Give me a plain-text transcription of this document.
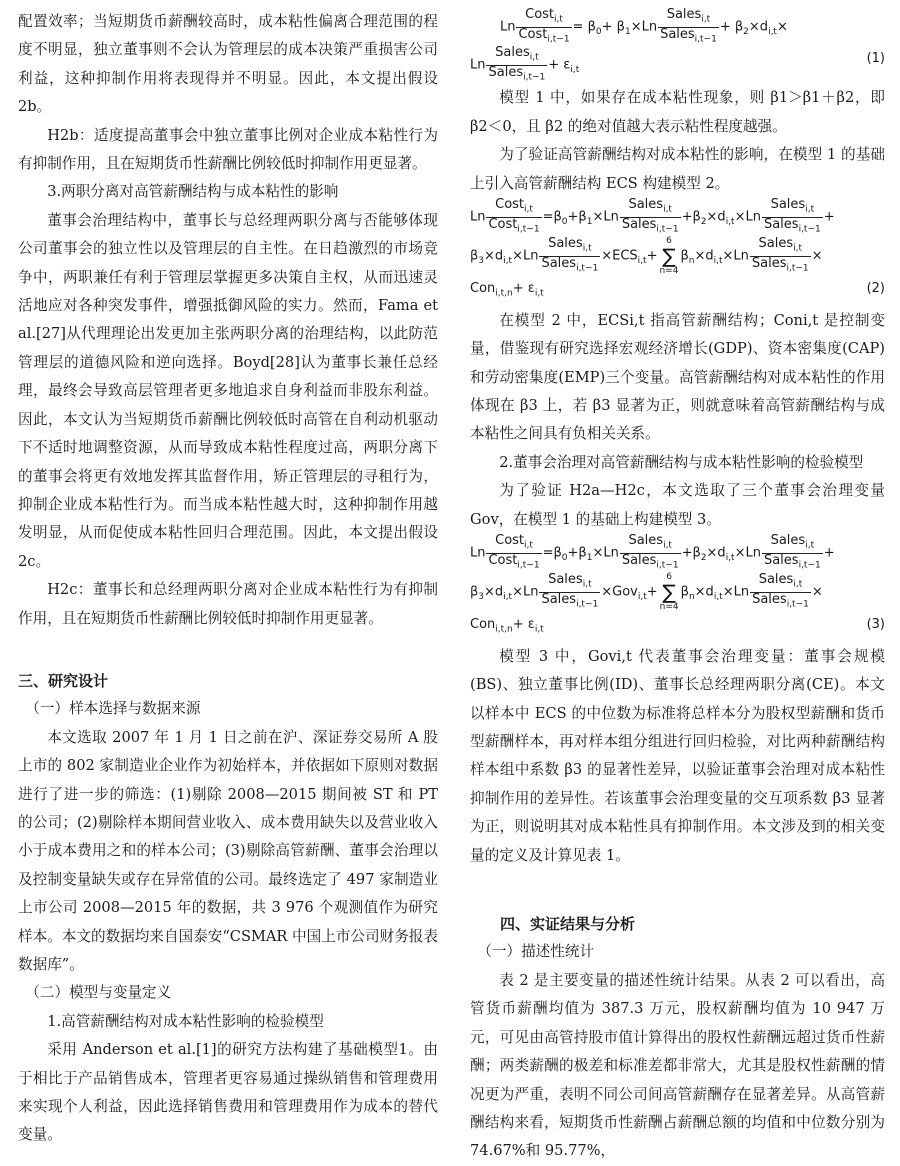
配置效率；当短期货币薪酬较高时，成本粘性偏离合理范围的程度不明显，独立董事则不会认为管理层的成本决策严重损害公司利益，这种抑制作用将表现得并不明显。因此，本文提出假设 2b。

H2b：适度提高董事会中独立董事比例对企业成本粘性行为有抑制作用，且在短期货币性薪酬比例较低时抑制作用更显著。

3.两职分离对高管薪酬结构与成本粘性的影响

董事会治理结构中，董事长与总经理两职分离与否能够体现公司董事会的独立性以及管理层的自主性。在日趋激烈的市场竞争中，两职兼任有利于管理层掌握更多决策自主权，从而迅速灵活地应对各种突发事件，增强抵御风险的实力。然而，Fama et al.[27]从代理理论出发更加主张两职分离的治理结构，以此防范管理层的道德风险和逆向选择。Boyd[28]认为董事长兼任总经理，最终会导致高层管理者更多地追求自身利益而非股东利益。因此，本文认为当短期货币薪酬比例较低时高管在自利动机驱动下不适时地调整资源，从而导致成本粘性程度过高，两职分离下的董事会将更有效地发挥其监督作用，矫正管理层的寻租行为，抑制企业成本粘性行为。而当成本粘性越大时，这种抑制作用越发明显，从而促使成本粘性回归合理范围。因此，本文提出假设 2c。

H2c：董事长和总经理两职分离对企业成本粘性行为有抑制作用，且在短期货币性薪酬比例较低时抑制作用更显著。

三、研究设计

（一）样本选择与数据来源

本文选取 2007 年 1 月 1 日之前在沪、深证券交易所 A 股上市的 802 家制造业企业作为初始样本，并依据如下原则对数据进行了进一步的筛选：(1)剔除 2008—2015 期间被 ST 和 PT 的公司；(2)剔除样本期间营业收入、成本费用缺失以及营业收入小于成本费用之和的样本公司；(3)剔除高管薪酬、董事会治理以及控制变量缺失或存在异常值的公司。最终选定了 497 家制造业上市公司 2008—2015 年的数据，共 3 976 个观测值作为研究样本。本文的数据均来自国泰安“CSMAR 中国上市公司财务报表数据库”。

（二）模型与变量定义

1.高管薪酬结构对成本粘性影响的检验模型

采用 Anderson et al.[1]的研究方法构建了基础模型1。由于相比于产品销售成本，管理者更容易通过操纵销售和管理费用来实现个人利益，因此选择销售费用和管理费用作为成本的替代变量。

Ln $\frac{Cost_{i,t}}{Cost_{i,t-1}} = \beta_0+ \beta_1\times Ln \frac{Sales_{i,t}}{Sales_{i,t-1}} + \beta_2\times d_{i,t}\times$
Ln $\frac{Sales_{i,t}}{Sales_{i,t-1}} + \varepsilon_{i,t}$
(1)

模型 1 中，如果存在成本粘性现象，则 β1＞β1＋β2，即 β2＜0，且 β2 的绝对值越大表示粘性程度越强。

为了验证高管薪酬结构对成本粘性的影响，在模型 1 的基础上引入高管薪酬结构 ECS 构建模型 2。

Ln $\frac{Cost_{i,t}}{Cost_{i,t-1}} =\beta_0+\beta_1\times Ln \frac{Sales_{i,t}}{Sales_{i,t-1}} +\beta_2\times d_{i,t}\times Ln \frac{Sales_{i,t}}{Sales_{i,t-1}}$ +
$\beta_3\times d_{i,t}\times Ln \frac{Sales_{i,t}}{Sales_{i,t-1}} \times ECS_{i,t}+6$
∑
$n=4\beta_n\times d_{i,t}\times Ln \frac{Sales_{i,t}}{Sales_{i,t-1}}$ ×
$Con_{i,t,n}+ \varepsilon_{i,t}$	(2)

在模型 2 中，ECSi,t 指高管薪酬结构；Coni,t 是控制变量，借鉴现有研究选择宏观经济增长(GDP)、资本密集度(CAP)和劳动密集度(EMP)三个变量。高管薪酬结构对成本粘性的作用体现在 β3 上，若 β3 显著为正，则就意味着高管薪酬结构与成本粘性之间具有负相关关系。

2.董事会治理对高管薪酬结构与成本粘性影响的检验模型

为了验证 H2a—H2c，本文选取了三个董事会治理变量 Gov，在模型 1 的基础上构建模型 3。

Ln $\frac{Cost_{i,t}}{Cost_{i,t-1}} =\beta_0+\beta_1\times Ln \frac{Sales_{i,t}}{Sales_{i,t-1}} +\beta_2\times d_{i,t}\times Ln \frac{Sales_{i,t}}{Sales_{i,t-1}}$ +
$\beta_3\times d_{i,t}\times Ln \frac{Sales_{i,t}}{Sales_{i,t-1}} \times Gov_{i,t}+6$
∑
$n=4\beta_n\times d_{i,t}\times Ln \frac{Sales_{i,t}}{Sales_{i,t-1}}$ ×
$Con_{i,t,n}+ \varepsilon_{i,t}$	(3)

模型 3 中，Govi,t 代表董事会治理变量：董事会规模(BS)、独立董事比例(ID)、董事长总经理两职分离(CE)。本文以样本中 ECS 的中位数为标准将总样本分为股权型薪酬和货币型薪酬样本，再对样本组分组进行回归检验，对比两种薪酬结构样本组中系数 β3 的显著性差异，以验证董事会治理对成本粘性抑制作用的差异性。若该董事会治理变量的交互项系数 β3 显著为正，则说明其对成本粘性具有抑制作用。本文涉及到的相关变量的定义及计算见表 1。

四、实证结果与分析

（一）描述性统计

表 2 是主要变量的描述性统计结果。从表 2 可以看出，高管货币薪酬均值为 387.3 万元，股权薪酬均值为 10 947 万元，可见由高管持股市值计算得出的股权性薪酬远超过货币性薪酬；两类薪酬的极差和标准差都非常大，尤其是股权性薪酬的情况更为严重，表明不同公司间高管薪酬存在显著差异。从高管薪酬结构来看，短期货币性薪酬占薪酬总额的均值和中位数分别为 74.67%和 95.77%，
